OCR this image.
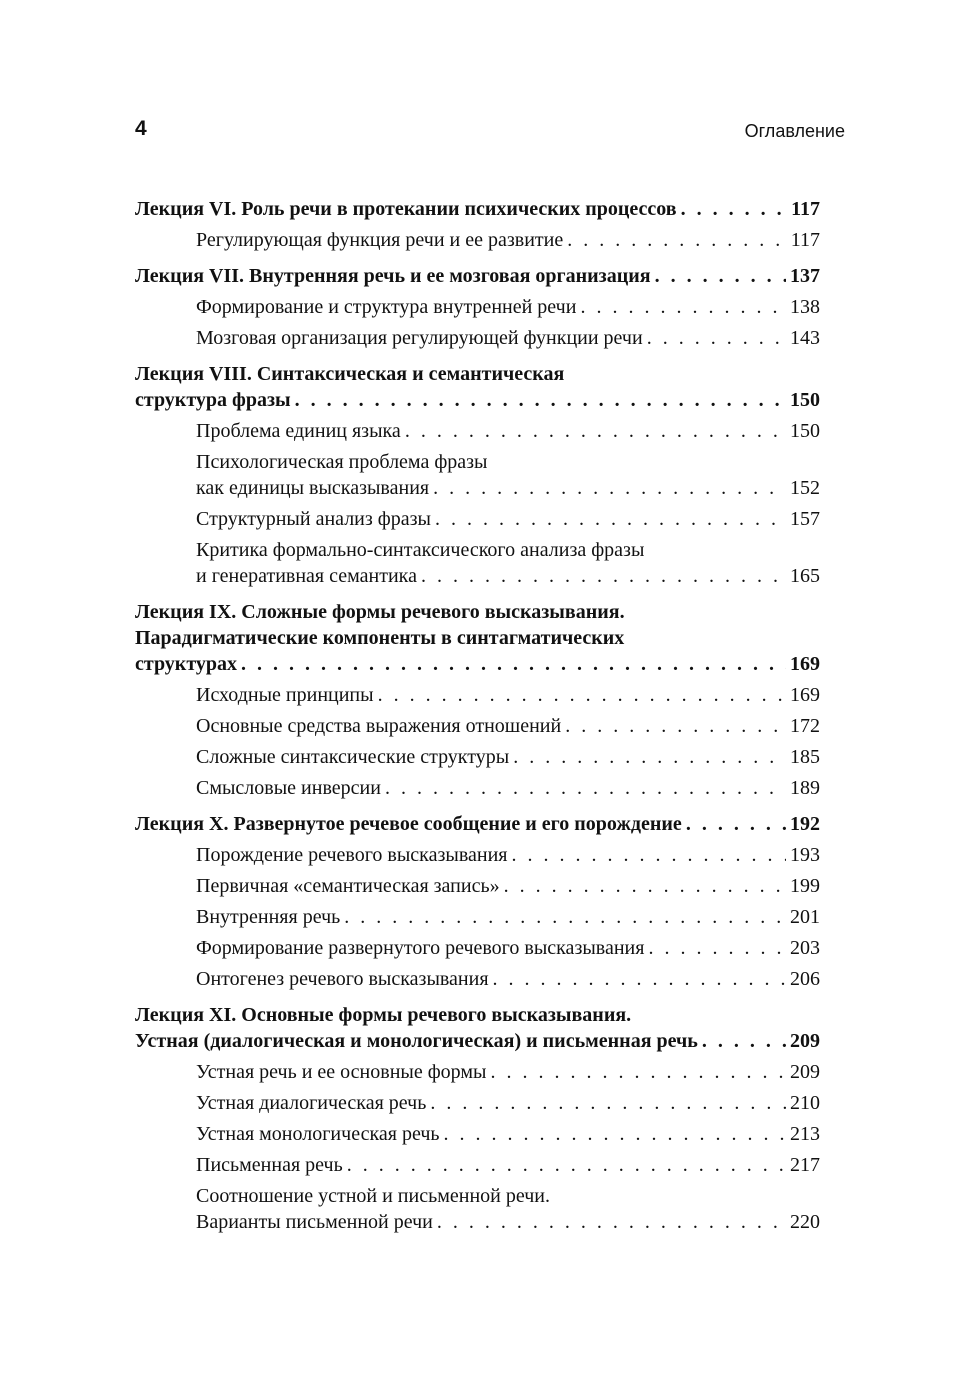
4	Оглавление
Лекция VI. Роль речи в протекании психических процессов . . .	117
Регулирующая функция речи и ее развитие . . .	117
Лекция VII. Внутренняя речь и ее мозговая организация . . .	137
Формирование и структура внутренней речи . . .	138
Мозговая организация регулирующей функции речи . . .	143
Лекция VIII. Синтаксическая и семантическая
структура фразы . . .	150
Проблема единиц языка . . .	150
Психологическая проблема фразы
как единицы высказывания . . .	152
Структурный анализ фразы . . .	157
Критика формально-синтаксического анализа фразы
и генеративная семантика . . .	165
Лекция IX. Сложные формы речевого высказывания.
Парадигматические компоненты в синтагматических
структурах . . .	169
Исходные принципы . . .	169
Основные средства выражения отношений . . .	172
Сложные синтаксические структуры . . .	185
Смысловые инверсии . . .	189
Лекция X. Развернутое речевое сообщение и его порождение . . .	192
Порождение речевого высказывания . . .	193
Первичная «семантическая запись» . . .	199
Внутренняя речь . . .	201
Формирование развернутого речевого высказывания . . .	203
Онтогенез речевого высказывания . . .	206
Лекция XI. Основные формы речевого высказывания.
Устная (диалогическая и монологическая) и письменная речь . . .	209
Устная речь и ее основные формы . . .	209
Устная диалогическая речь . . .	210
Устная монологическая речь . . .	213
Письменная речь . . .	217
Соотношение устной и письменной речи.
Варианты письменной речи . . .	220
